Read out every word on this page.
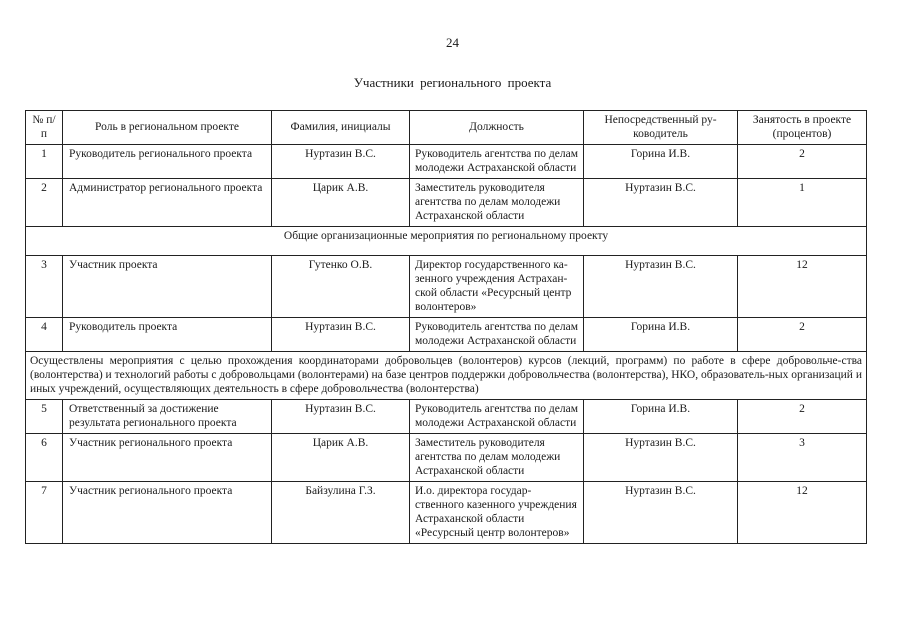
24
Участники регионального проекта
№ п/п	Роль в региональном проекте	Фамилия, инициалы	Должность	Непосредственный ру-ководитель	Занятость в проекте (процентов)
1	Руководитель регионального проекта	Нуртазин В.С.	Руководитель агентства по делам молодежи Астраханской области	Горина И.В.	2
2	Администратор регионального проекта	Царик А.В.	Заместитель руководителя агентства по делам молодежи Астраханской области	Нуртазин В.С.	1
Общие организационные мероприятия по региональному проекту					
3	Участник проекта	Гутенко О.В.	Директор государственного ка-зенного учреждения Астрахан-ской области «Ресурсный центр волонтеров»	Нуртазин В.С.	12
4	Руководитель проекта	Нуртазин В.С.	Руководитель агентства по делам молодежи Астраханской области	Горина И.В.	2
Осуществлены мероприятия с целью прохождения координаторами добровольцев (волонтеров) курсов (лекций, программ) по работе в сфере добровольче-ства (волонтерства) и технологий работы с добровольцами (волонтерами) на базе центров поддержки добровольчества (волонтерства), НКО, образователь-ных организаций и иных учреждений, осуществляющих деятельность в сфере добровольчества (волонтерства)					
5	Ответственный за достижение результата регионального проекта	Нуртазин В.С.	Руководитель агентства по делам молодежи Астраханской области	Горина И.В.	2
6	Участник регионального проекта	Царик А.В.	Заместитель руководителя агентства по делам молодежи Астраханской области	Нуртазин В.С.	3
7	Участник регионального проекта	Байзулина Г.З.	И.о. директора государ-ственного казенного учреждения Астраханской области «Ресурсный центр волонтеров»	Нуртазин В.С.	12
